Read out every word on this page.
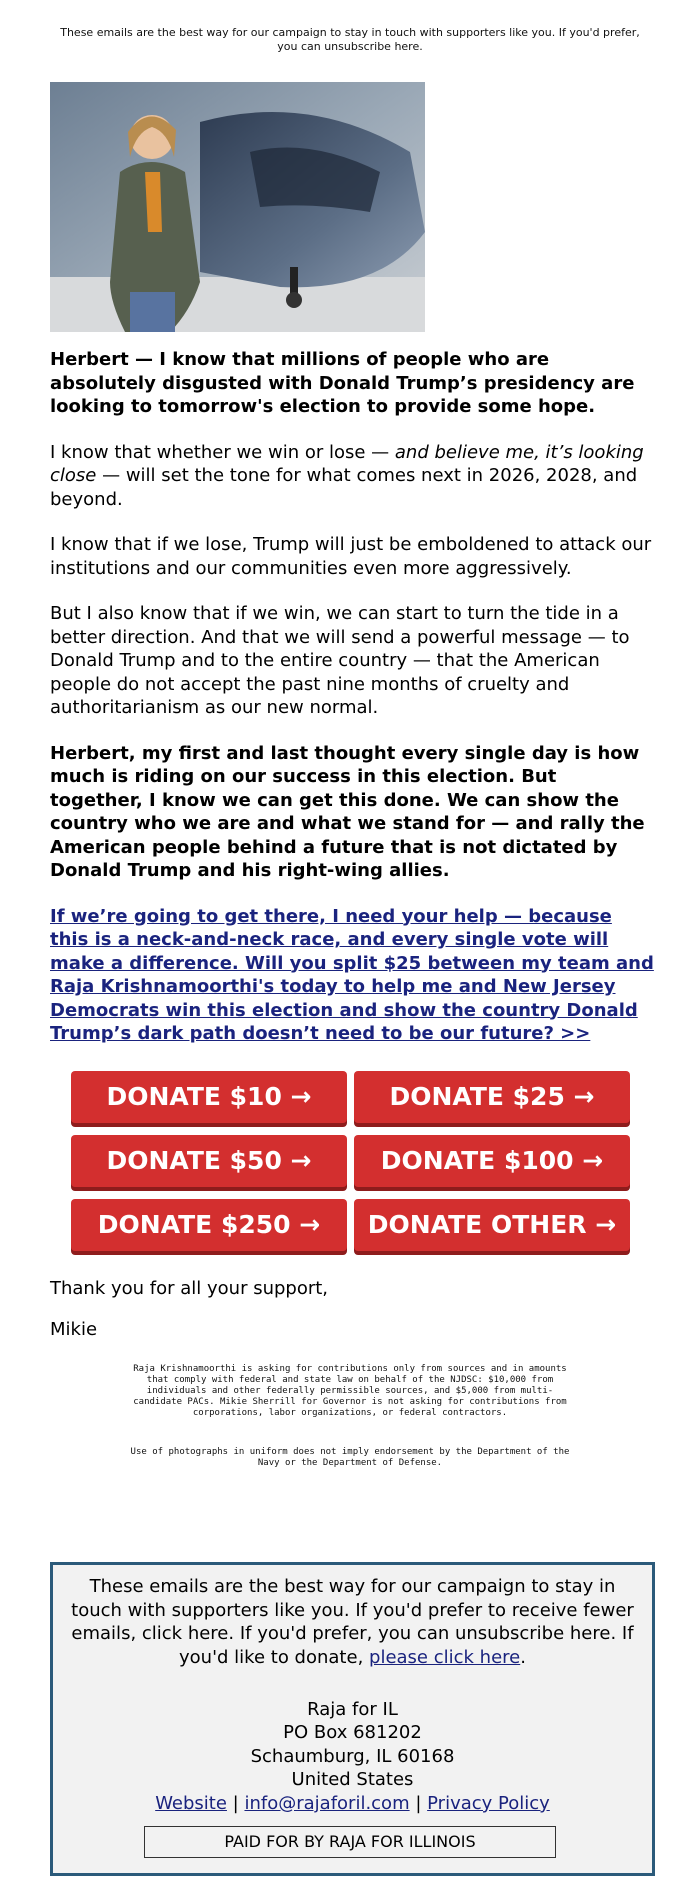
These emails are the best way for our campaign to stay in touch with supporters like you. If you'd prefer, you can unsubscribe here.

Herbert — I know that millions of people who are absolutely disgusted with Donald Trump’s presidency are looking to tomorrow's election to provide some hope.

I know that whether we win or lose — and believe me, it’s looking close — will set the tone for what comes next in 2026, 2028, and beyond.

I know that if we lose, Trump will just be emboldened to attack our institutions and our communities even more aggressively.

But I also know that if we win, we can start to turn the tide in a better direction. And that we will send a powerful message — to Donald Trump and to the entire country — that the American people do not accept the past nine months of cruelty and authoritarianism as our new normal.

Herbert, my first and last thought every single day is how much is riding on our success in this election. But together, I know we can get this done. We can show the country who we are and what we stand for — and rally the American people behind a future that is not dictated by Donald Trump and his right-wing allies.

If we’re going to get there, I need your help — because this is a neck-and-neck race, and every single vote will make a difference. Will you split $25 between my team and Raja Krishnamoorthi's today to help me and New Jersey Democrats win this election and show the country Donald Trump’s dark path doesn’t need to be our future? >>

DONATE $10 →	DONATE $25 →
DONATE $50 →	DONATE $100 →
DONATE $250 →	DONATE OTHER →

Thank you for all your support,

Mikie

Raja Krishnamoorthi is asking for contributions only from sources and in amounts that comply with federal and state law on behalf of the NJDSC: $10,000 from individuals and other federally permissible sources, and $5,000 from multi-candidate PACs. Mikie Sherrill for Governor is not asking for contributions from corporations, labor organizations, or federal contractors.
Use of photographs in uniform does not imply endorsement by the Department of the Navy or the Department of Defense.
These emails are the best way for our campaign to stay in touch with supporters like you. If you'd prefer to receive fewer emails, click here. If you'd prefer, you can unsubscribe here. If you'd like to donate, please click here.
Raja for IL
PO Box 681202
Schaumburg, IL 60168
United States
Website | info@rajaforil.com | Privacy Policy
PAID FOR BY RAJA FOR ILLINOIS
